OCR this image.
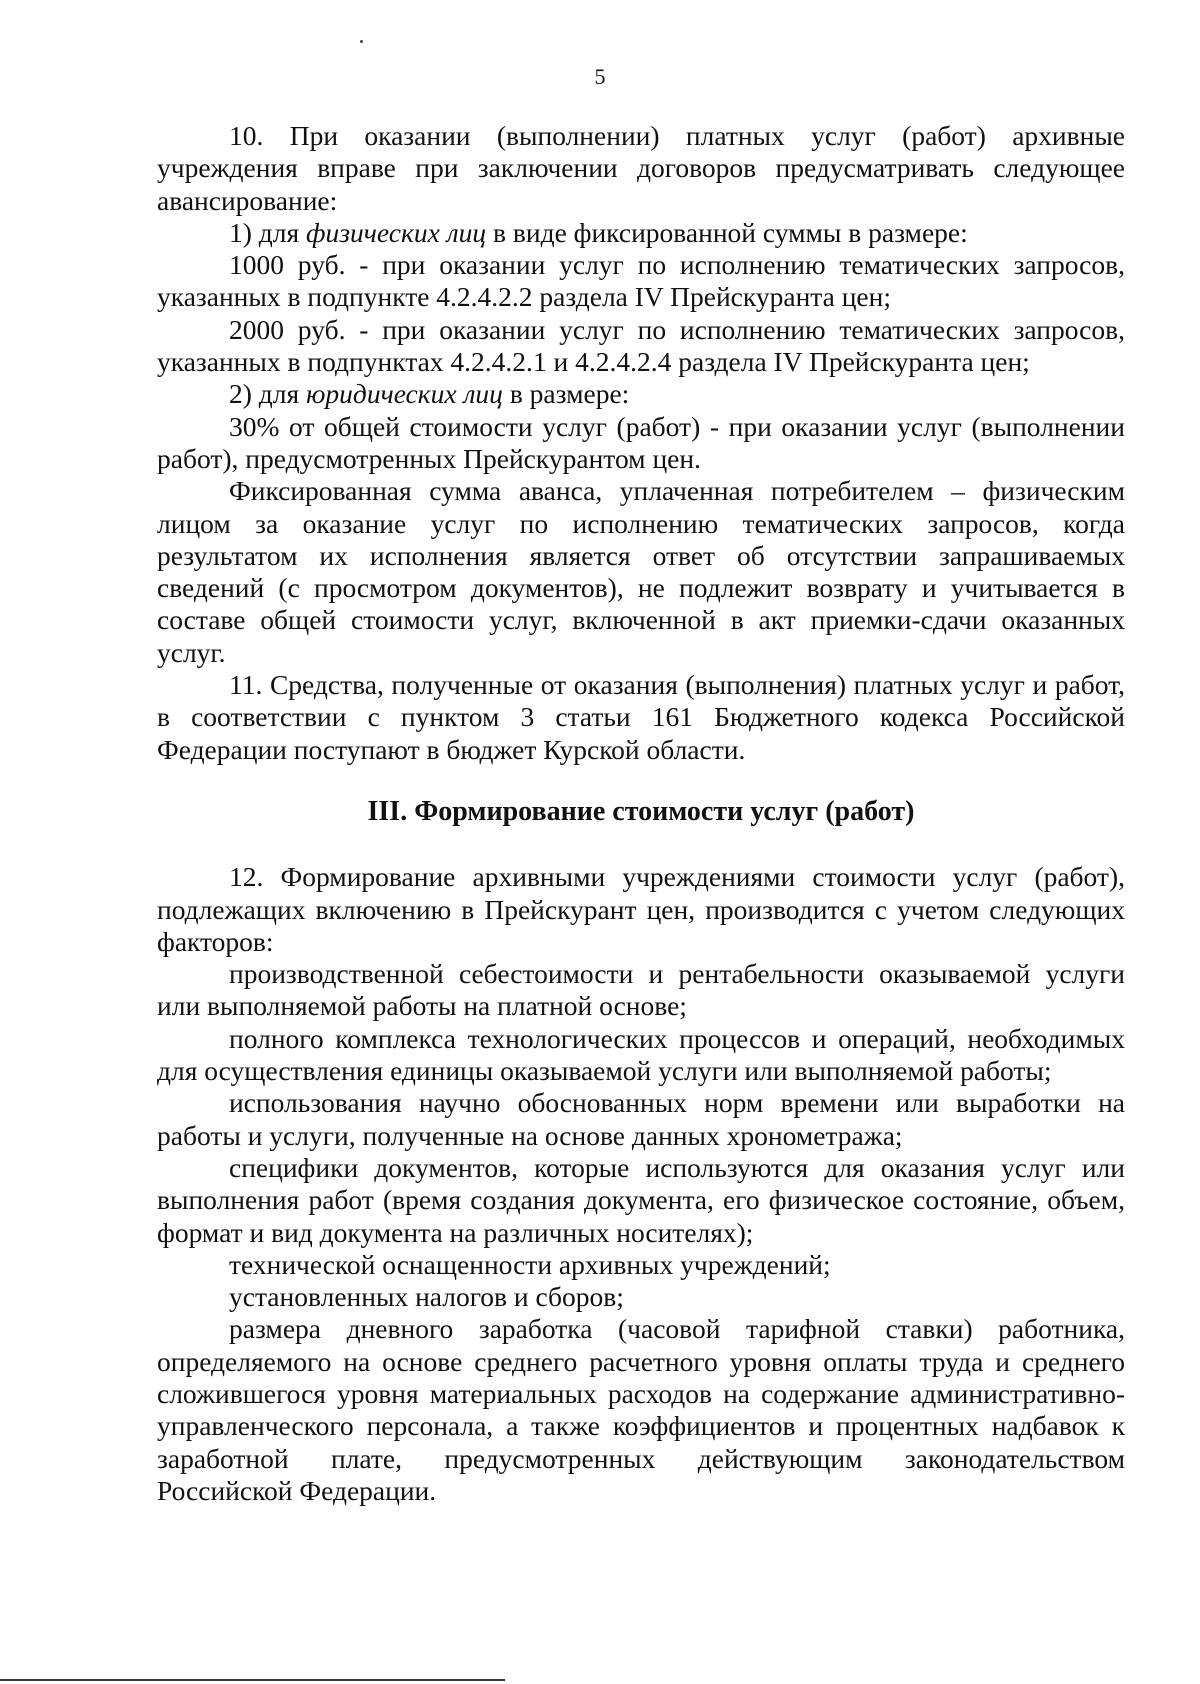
5

10. При оказании (выполнении) платных услуг (работ) архивные учреждения вправе при заключении договоров предусматривать следующее авансирование:

1) для физических лиц в виде фиксированной суммы в размере:

1000 руб. - при оказании услуг по исполнению тематических запросов, указанных в подпункте 4.2.4.2.2 раздела IV Прейскуранта цен;

2000 руб. - при оказании услуг по исполнению тематических запросов, указанных в подпунктах 4.2.4.2.1 и 4.2.4.2.4 раздела IV Прейскуранта цен;

2) для юридических лиц в размере:

30% от общей стоимости услуг (работ) - при оказании услуг (выполнении работ), предусмотренных Прейскурантом цен.

Фиксированная сумма аванса, уплаченная потребителем – физическим лицом за оказание услуг по исполнению тематических запросов, когда результатом их исполнения является ответ об отсутствии запрашиваемых сведений (с просмотром документов), не подлежит возврату и учитывается в составе общей стоимости услуг, включенной в акт приемки-сдачи оказанных услуг.

11. Средства, полученные от оказания (выполнения) платных услуг и работ, в соответствии с пунктом 3 статьи 161 Бюджетного кодекса Российской Федерации поступают в бюджет Курской области.

III. Формирование стоимости услуг (работ)

12. Формирование архивными учреждениями стоимости услуг (работ), подлежащих включению в Прейскурант цен, производится с учетом следующих факторов:

производственной себестоимости и рентабельности оказываемой услуги или выполняемой работы на платной основе;

полного комплекса технологических процессов и операций, необходимых для осуществления единицы оказываемой услуги или выполняемой работы;

использования научно обоснованных норм времени или выработки на работы и услуги, полученные на основе данных хронометража;

специфики документов, которые используются для оказания услуг или выполнения работ (время создания документа, его физическое состояние, объем, формат и вид документа на различных носителях);

технической оснащенности архивных учреждений;

установленных налогов и сборов;

размера дневного заработка (часовой тарифной ставки) работника, определяемого на основе среднего расчетного уровня оплаты труда и среднего сложившегося уровня материальных расходов на содержание административно-управленческого персонала, а также коэффициентов и процентных надбавок к заработной плате, предусмотренных действующим законодательством Российской Федерации.
